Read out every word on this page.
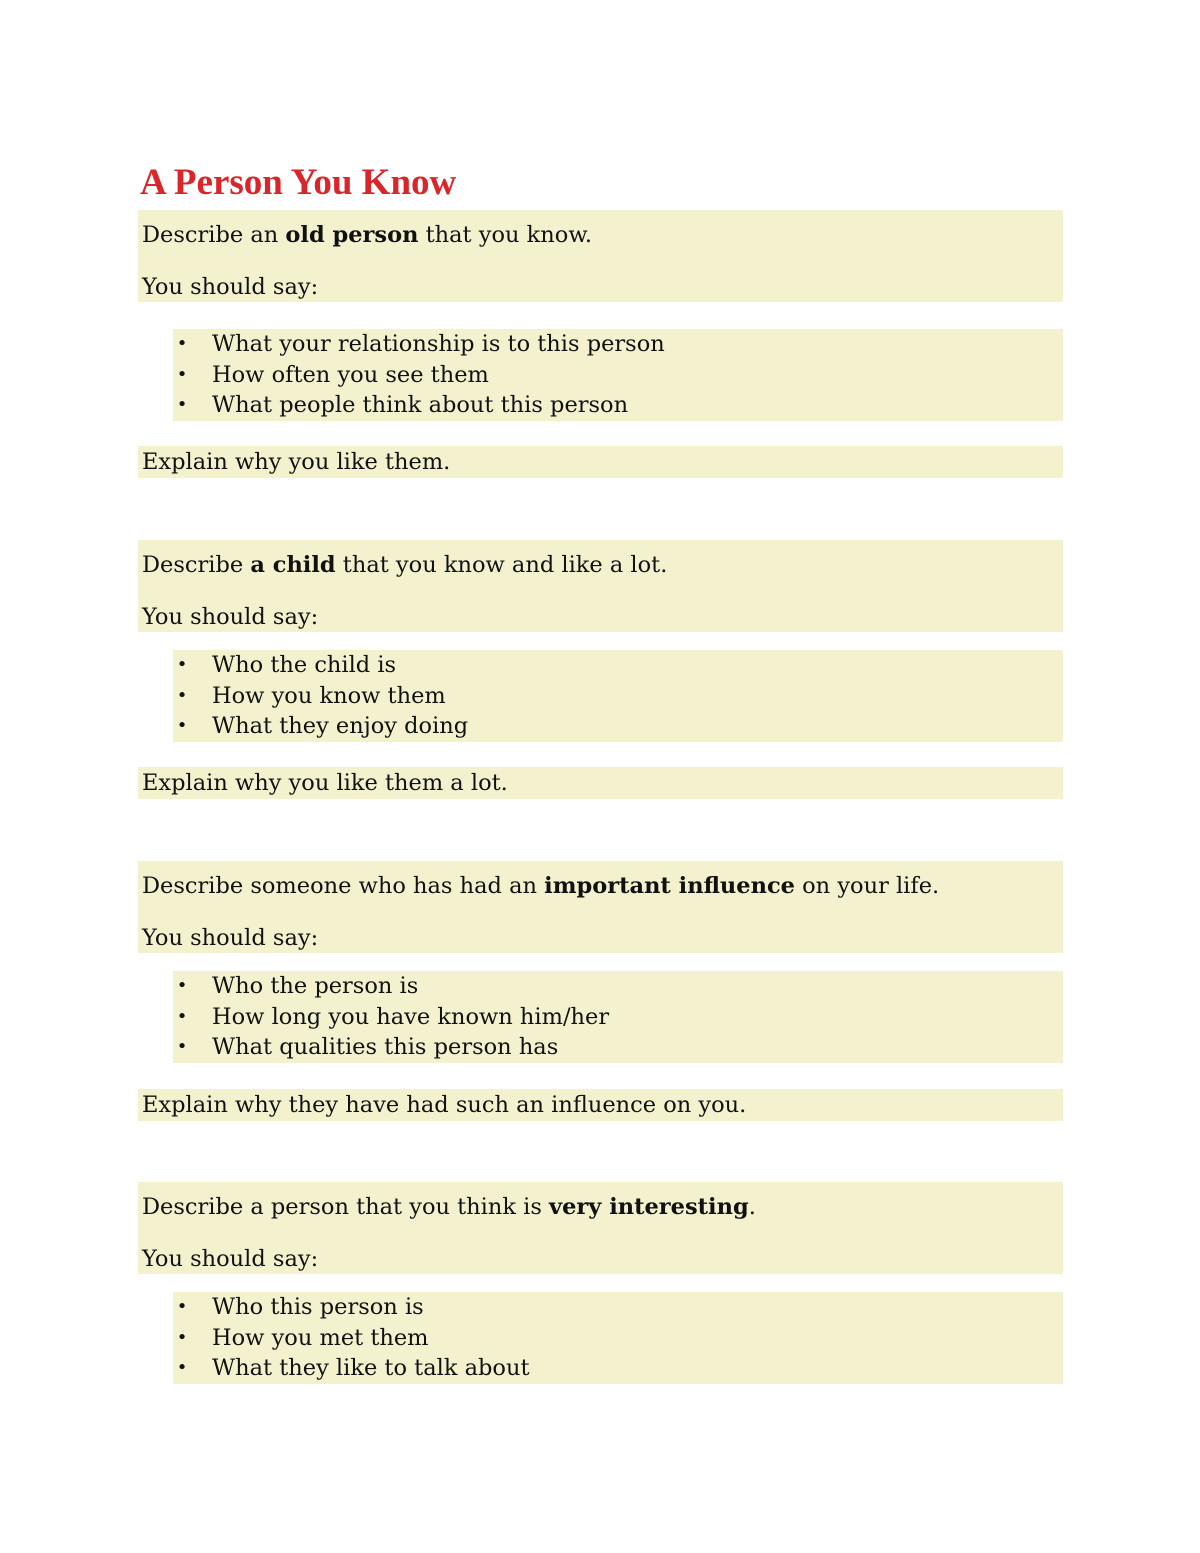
A Person You Know
Describe an old person that you know.
You should say:
• What your relationship is to this person
• How often you see them
• What people think about this person
Explain why you like them.
Describe a child that you know and like a lot.
You should say:
• Who the child is
• How you know them
• What they enjoy doing
Explain why you like them a lot.
Describe someone who has had an important influence on your life.
You should say:
• Who the person is
• How long you have known him/her
• What qualities this person has
Explain why they have had such an influence on you.
Describe a person that you think is very interesting.
You should say:
• Who this person is
• How you met them
• What they like to talk about
